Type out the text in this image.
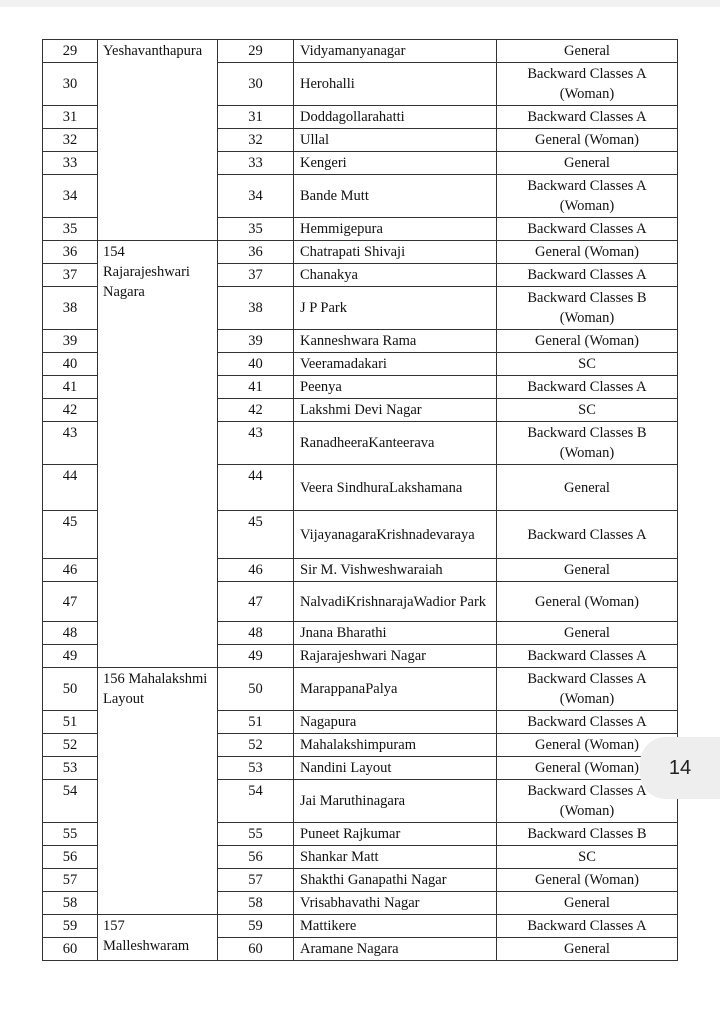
29	Yeshavanthapura	29	Vidyamanyanagar	General
30		30	Herohalli	Backward Classes A (Woman)
31		31	Doddagollarahatti	Backward Classes A
32		32	Ullal	General (Woman)
33		33	Kengeri	General
34		34	Bande Mutt	Backward Classes A (Woman)
35		35	Hemmigepura	Backward Classes A
36	154 Rajarajeshwari Nagara	36	Chatrapati Shivaji	General (Woman)
37		37	Chanakya	Backward Classes A
38		38	J P Park	Backward Classes B (Woman)
39		39	Kanneshwara Rama	General (Woman)
40		40	Veeramadakari	SC
41		41	Peenya	Backward Classes A
42		42	Lakshmi Devi Nagar	SC
43		43	RanadheeraKanteerava	Backward Classes B (Woman)
44		44	Veera SindhuraLakshamana	General
45		45	VijayanagaraKrishnadevaraya	Backward Classes A
46		46	Sir M. Vishweshwaraiah	General
47		47	NalvadiKrishnarajaWadior Park	General (Woman)
48		48	Jnana Bharathi	General
49		49	Rajarajeshwari Nagar	Backward Classes A
50	156 Mahalakshmi Layout	50	MarappanaPalya	Backward Classes A (Woman)
51		51	Nagapura	Backward Classes A
52		52	Mahalakshimpuram	General (Woman)
53		53	Nandini Layout	General (Woman)
54		54	Jai Maruthinagara	Backward Classes A (Woman)
55		55	Puneet Rajkumar	Backward Classes B
56		56	Shankar Matt	SC
57		57	Shakthi Ganapathi Nagar	General (Woman)
58		58	Vrisabhavathi Nagar	General
59	157 Malleshwaram	59	Mattikere	Backward Classes A
60		60	Aramane Nagara	General
14
